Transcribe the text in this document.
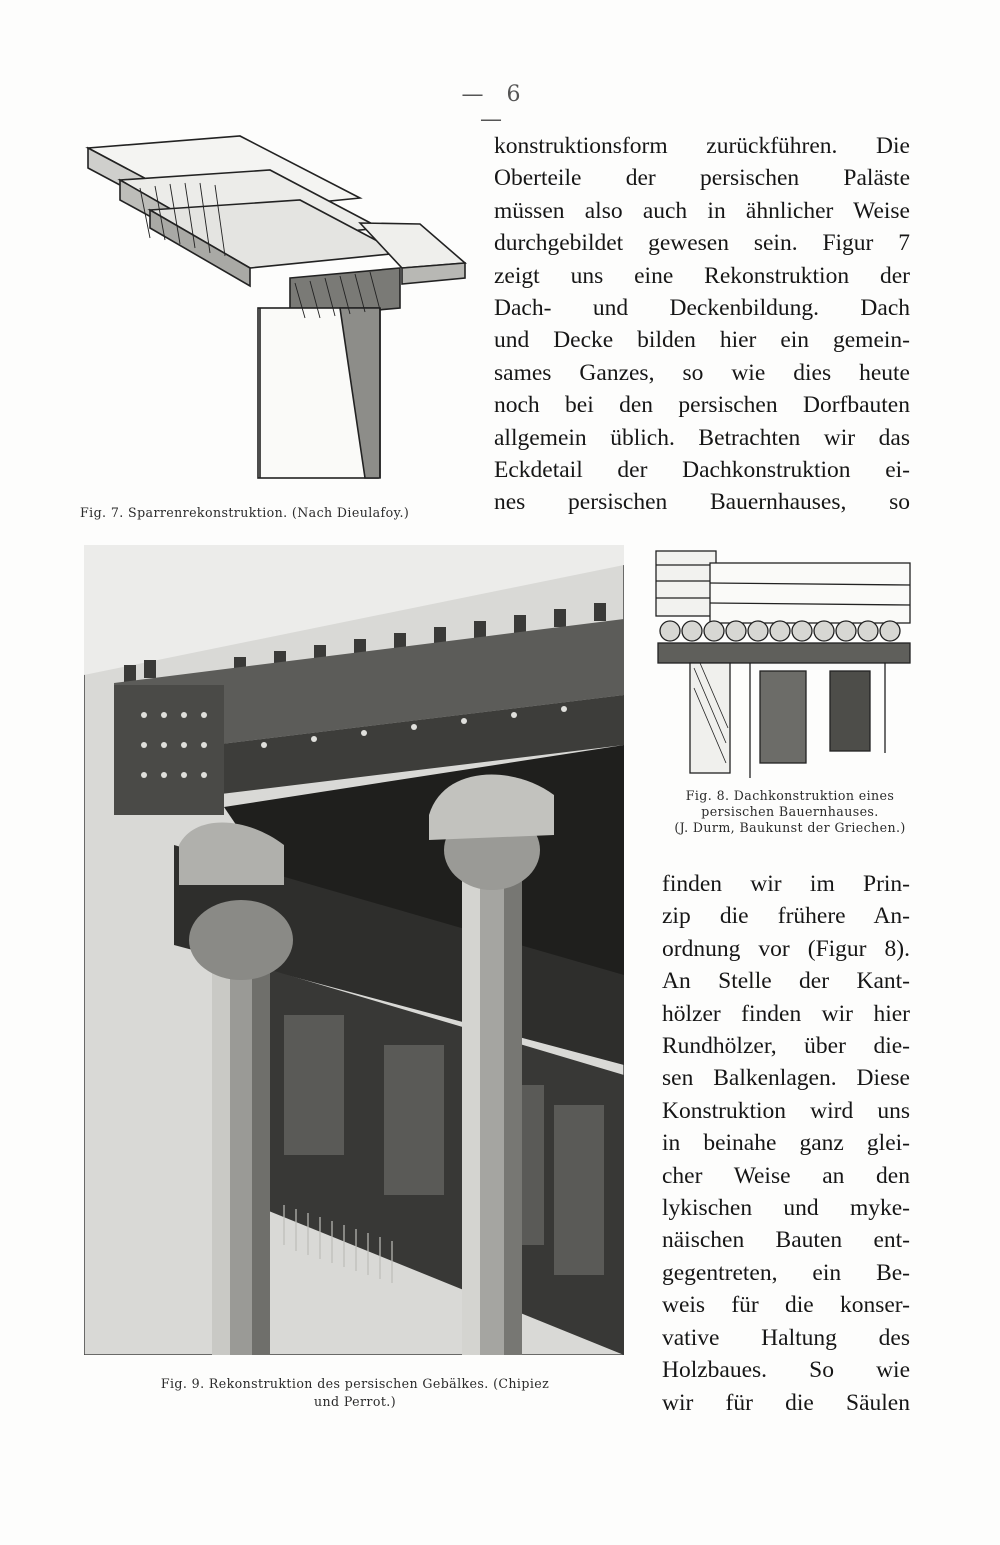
— 6 —
Fig. 7. Sparrenrekonstruktion. (Nach Dieulafoy.)
konstruktionsform zurückführen. Die
Oberteile der persischen Paläste
müssen also auch in ähnlicher Weise
durchgebildet gewesen sein. Figur 7
zeigt uns eine Rekonstruktion der
Dach- und Deckenbildung. Dach
und Decke bilden hier ein gemein-
sames Ganzes, so wie dies heute
noch bei den persischen Dorfbauten
allgemein üblich. Betrachten wir das
Eckdetail der Dachkonstruktion ei-
nes persischen Bauernhauses, so
Fig. 9. Rekonstruktion des persischen Gebälkes. (Chipiez
und Perrot.)
Fig. 8. Dachkonstruktion eines
persischen Bauernhauses.
(J. Durm, Baukunst der Griechen.)
finden wir im Prin-
zip die frühere An-
ordnung vor (Figur 8).
An Stelle der Kant-
hölzer finden wir hier
Rundhölzer, über die-
sen Balkenlagen. Diese
Konstruktion wird uns
in beinahe ganz glei-
cher Weise an den
lykischen und myke-
näischen Bauten ent-
gegentreten, ein Be-
weis für die konser-
vative Haltung des
Holzbaues. So wie
wir für die Säulen
